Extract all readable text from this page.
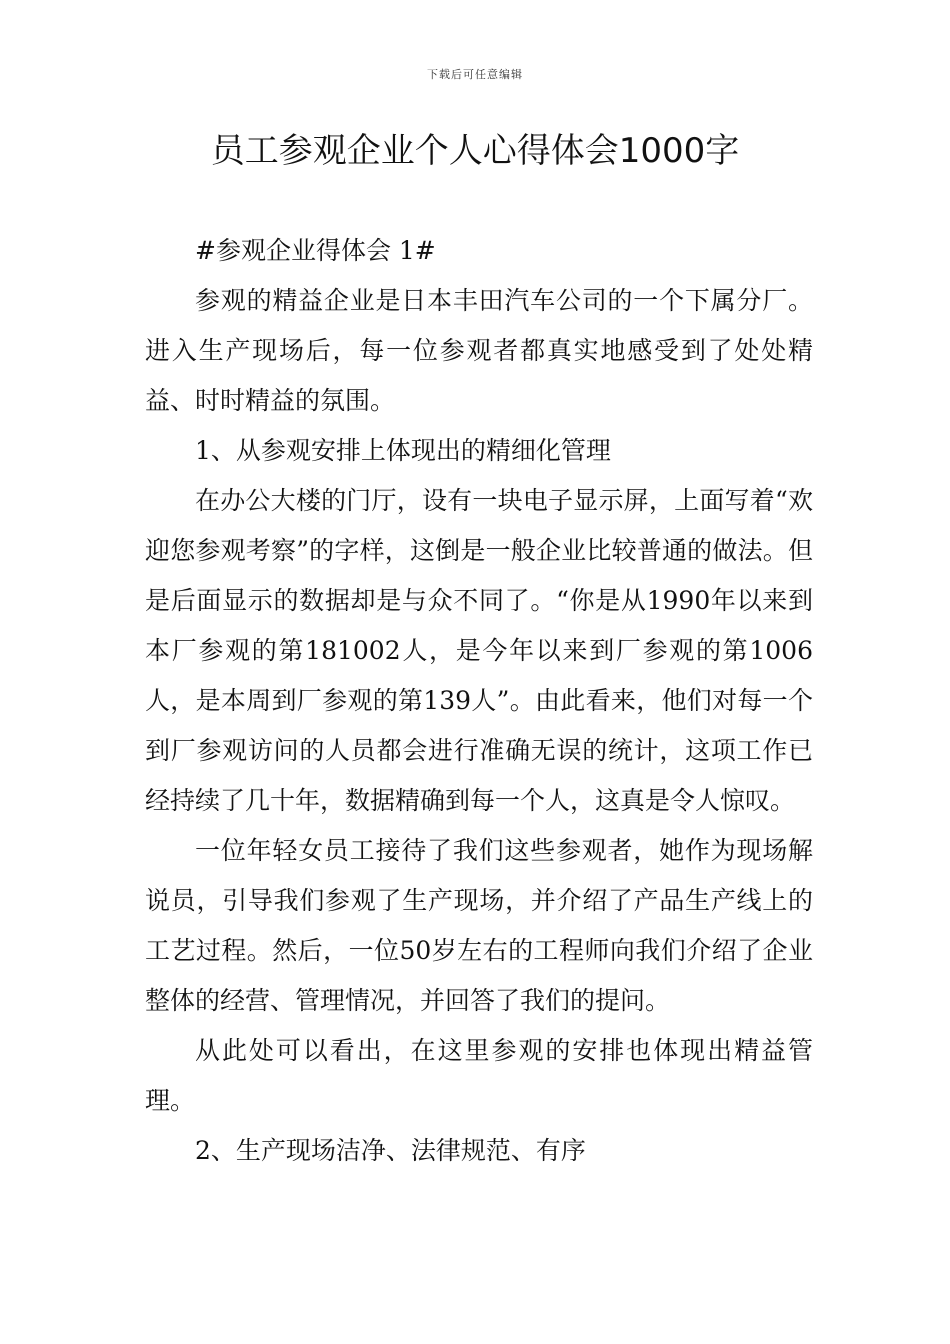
下载后可任意编辑
员工参观企业个人心得体会1000字

#参观企业得体会 1#

参观的精益企业是日本丰田汽车公司的一个下属分厂。进入生产现场后，每一位参观者都真实地感受到了处处精益、时时精益的氛围。

1、从参观安排上体现出的精细化管理

在办公大楼的门厅，设有一块电子显示屏，上面写着“欢迎您参观考察”的字样，这倒是一般企业比较普通的做法。但是后面显示的数据却是与众不同了。“你是从1990年以来到本厂参观的第181002人，是今年以来到厂参观的第1006人，是本周到厂参观的第139人”。由此看来，他们对每一个到厂参观访问的人员都会进行准确无误的统计，这项工作已经持续了几十年，数据精确到每一个人，这真是令人惊叹。

一位年轻女员工接待了我们这些参观者，她作为现场解说员，引导我们参观了生产现场，并介绍了产品生产线上的工艺过程。然后，一位50岁左右的工程师向我们介绍了企业整体的经营、管理情况，并回答了我们的提问。

从此处可以看出，在这里参观的安排也体现出精益管理。

2、生产现场洁净、法律规范、有序
